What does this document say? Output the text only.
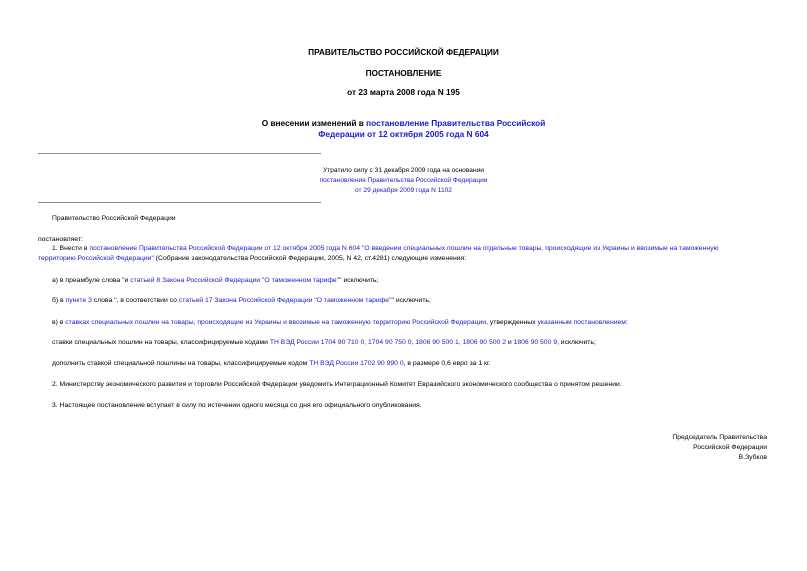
ПРАВИТЕЛЬСТВО РОССИЙСКОЙ ФЕДЕРАЦИИ
ПОСТАНОВЛЕНИЕ
от 23 марта 2008 года N 195
О внесении изменений в постановление Правительства Российской
Федерации от 12 октября 2005 года N 604
Утратило силу с 31 декабря 2009 года на основании
постановления Правительства Российской Федерации
от 29 декабря 2009 года N 1102
Правительство Российской Федерации
постановляет:
1. Внести в постановление Правительства Российской Федерации от 12 октября 2005 года N 604 "О введении специальных пошлин на отдельные товары, происходящие из Украины и ввозимые на таможенную
территорию Российской Федерации" (Собрание законодательства Российской Федерации, 2005, N 42, ст.4281) следующие изменения:
а) в преамбуле слова "и статьей 8 Закона Российской Федерации "О таможенном тарифе"" исключить;
б) в пункте 3 слова ", в соответствии со статьей 17 Закона Российской Федерации "О таможенном тарифе"" исключить;
в) в ставках специальных пошлин на товары, происходящие из Украины и ввозимые на таможенную территорию Российской Федерации, утвержденных указанным постановлением:
ставки специальных пошлин на товары, классифицируемые кодами ТН ВЭД России 1704 90 710 0, 1704 90 750 0, 1806 90 500 1, 1806 90 500 2 и 1806 90 500 9, исключить;
дополнить ставкой специальной пошлины на товары, классифицируемые кодом ТН ВЭД России 1702 90 990 0, в размере 0,6 евро за 1 кг.
2. Министерству экономического развития и торговли Российской Федерации уведомить Интеграционный Комитет Евразийского экономического сообщества о принятом решении.
3. Настоящее постановление вступает в силу по истечении одного месяца со дня его официального опубликования.
Председатель Правительства
Российской Федерации
В.Зубков
